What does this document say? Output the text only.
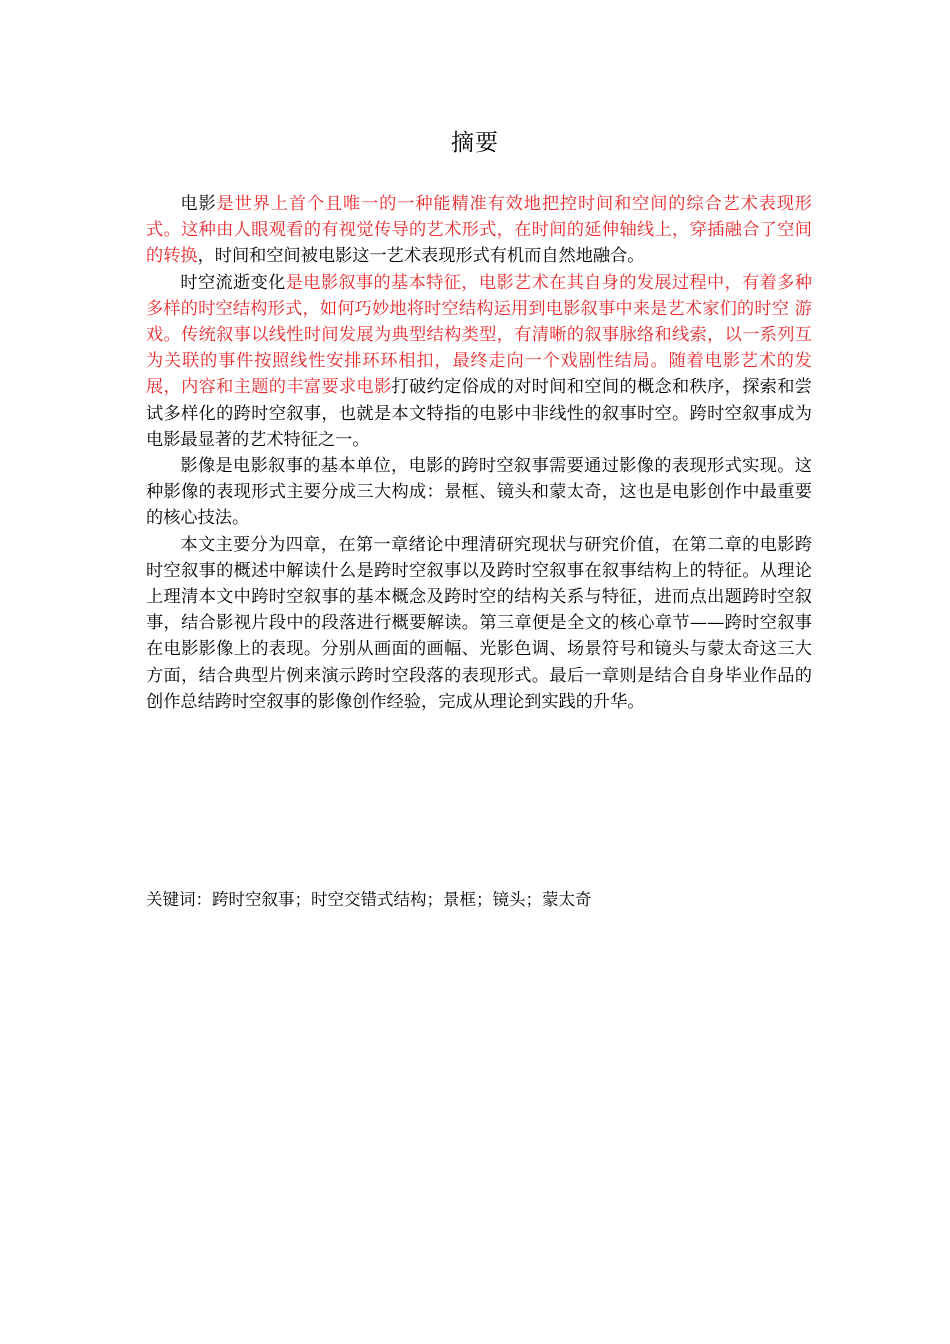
摘要

电影是世界上首个且唯一的一种能精准有效地把控时间和空间的综合艺术表现形式。这种由人眼观看的有视觉传导的艺术形式，在时间的延伸轴线上，穿插融合了空间的转换，时间和空间被电影这一艺术表现形式有机而自然地融合。

时空流逝变化是电影叙事的基本特征，电影艺术在其自身的发展过程中，有着多种多样的时空结构形式，如何巧妙地将时空结构运用到电影叙事中来是艺术家们的时空 游戏。传统叙事以线性时间发展为典型结构类型，有清晰的叙事脉络和线索，以一系列互为关联的事件按照线性安排环环相扣，最终走向一个戏剧性结局。随着电影艺术的发展，内容和主题的丰富要求电影打破约定俗成的对时间和空间的概念和秩序，探索和尝试多样化的跨时空叙事，也就是本文特指的电影中非线性的叙事时空。跨时空叙事成为电影最显著的艺术特征之一。

影像是电影叙事的基本单位，电影的跨时空叙事需要通过影像的表现形式实现。这种影像的表现形式主要分成三大构成：景框、镜头和蒙太奇，这也是电影创作中最重要的核心技法。

本文主要分为四章，在第一章绪论中理清研究现状与研究价值，在第二章的电影跨时空叙事的概述中解读什么是跨时空叙事以及跨时空叙事在叙事结构上的特征。从理论上理清本文中跨时空叙事的基本概念及跨时空的结构关系与特征，进而点出题跨时空叙事，结合影视片段中的段落进行概要解读。第三章便是全文的核心章节——跨时空叙事在电影影像上的表现。分别从画面的画幅、光影色调、场景符号和镜头与蒙太奇这三大方面，结合典型片例来演示跨时空段落的表现形式。最后一章则是结合自身毕业作品的创作总结跨时空叙事的影像创作经验，完成从理论到实践的升华。

关键词：跨时空叙事；时空交错式结构；景框；镜头；蒙太奇
